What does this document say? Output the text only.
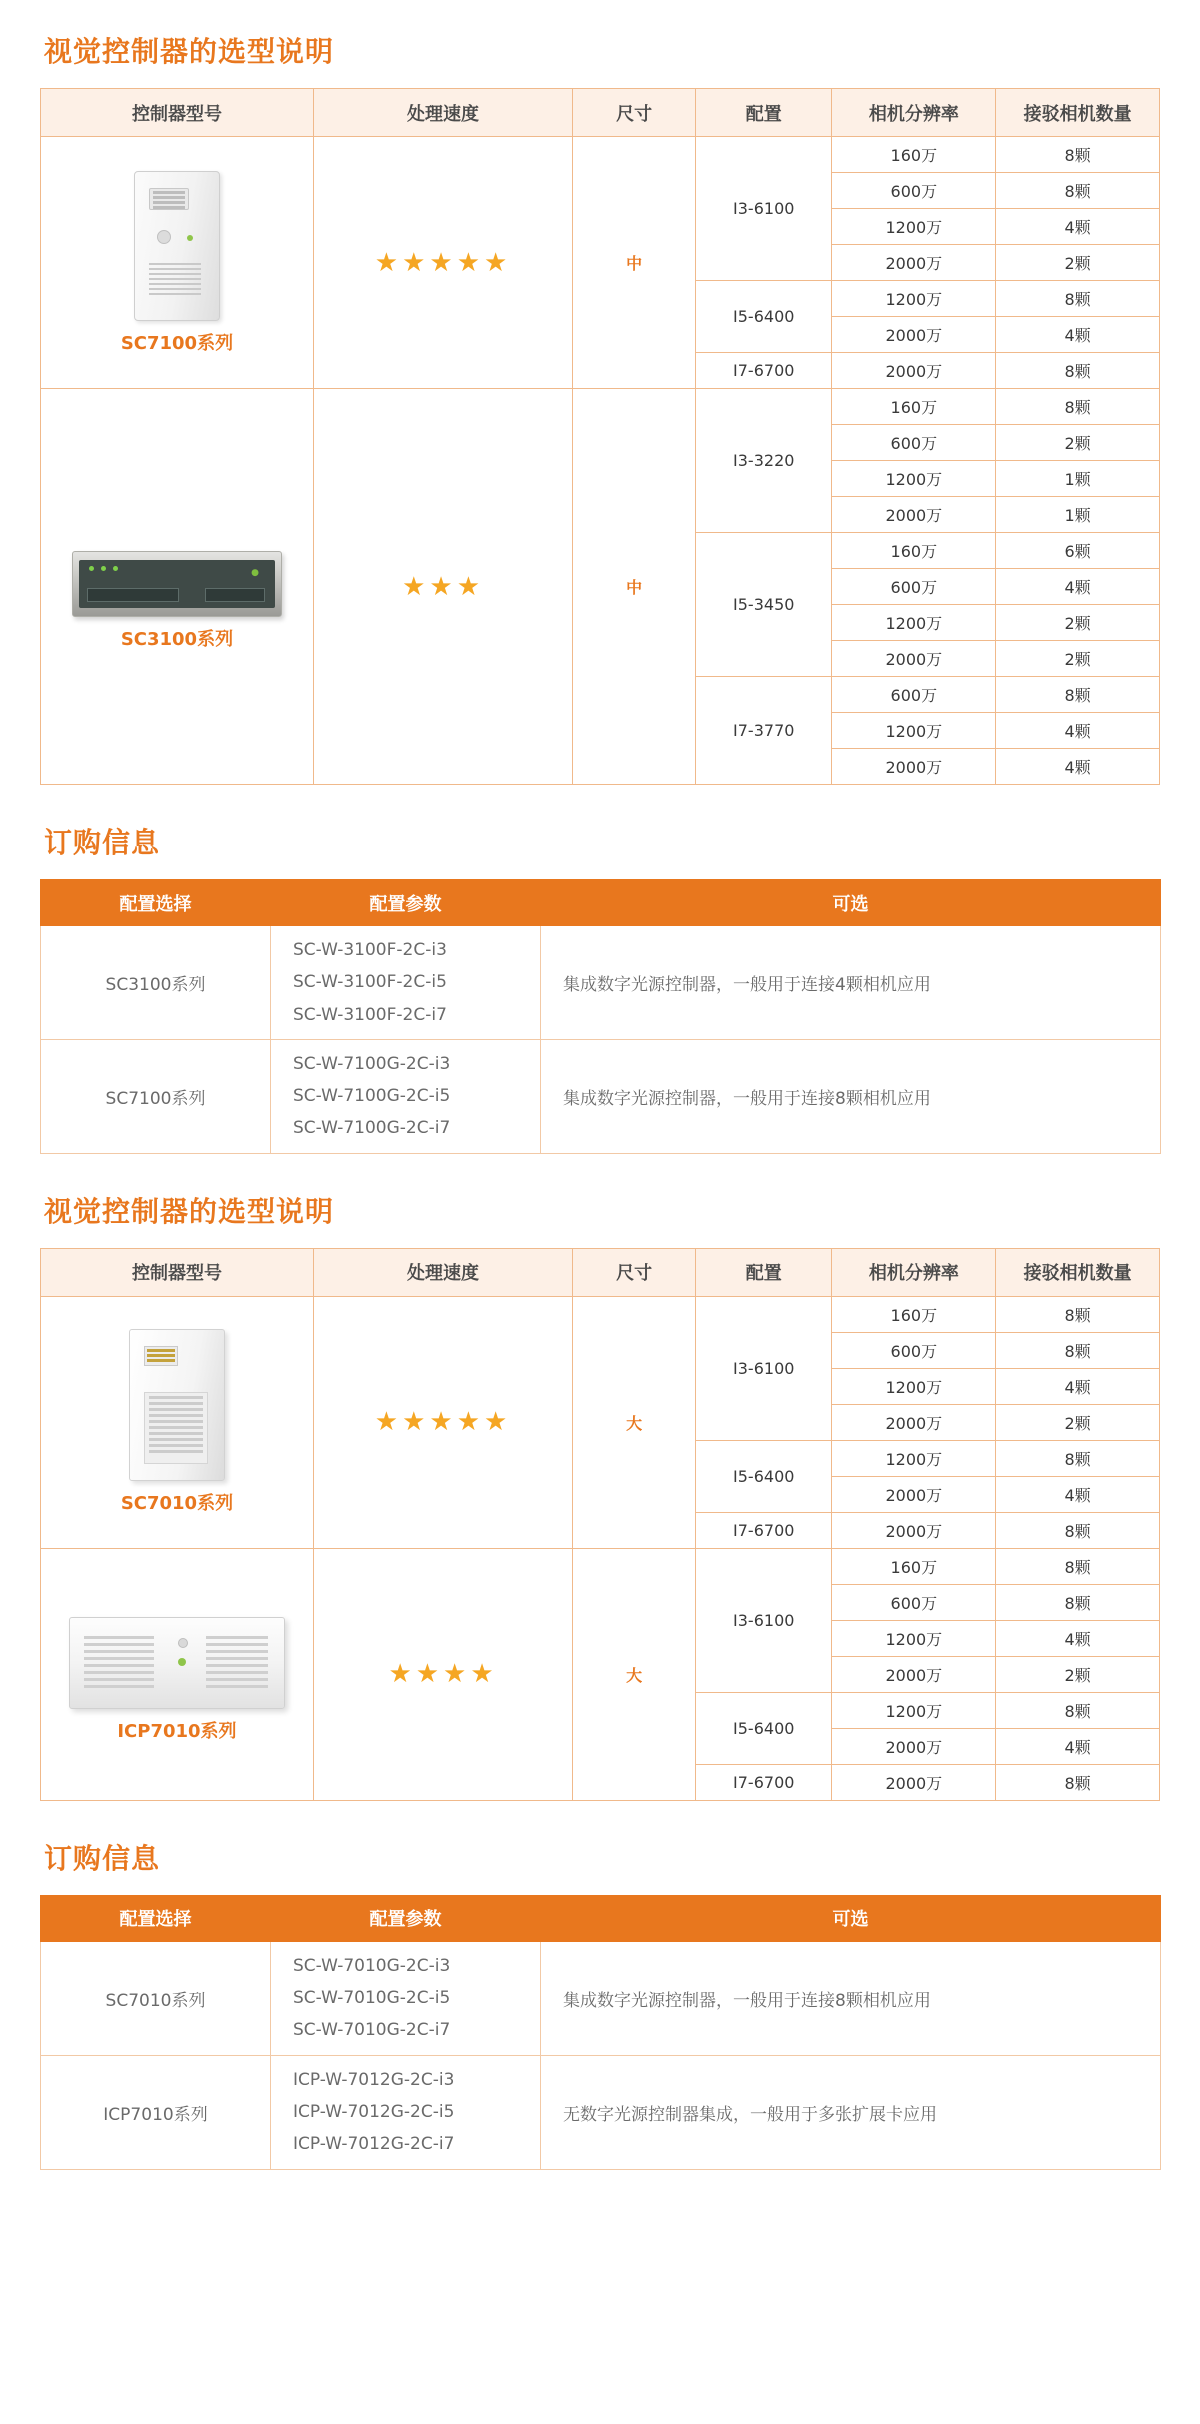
视觉控制器的选型说明
控制器型号	处理速度	尺寸	配置	相机分辨率	接驳相机数量

SC7100系列	★★★★★	中	I3-6100	160万	8颗
				600万	8颗
				1200万	4颗
				2000万	2颗
			I5-6400	1200万	8颗
				2000万	4颗
			I7-6700	2000万	8颗

●
SC3100系列	★★★	中	I3-3220	160万	8颗
				600万	2颗
				1200万	1颗
				2000万	1颗
			I5-3450	160万	6颗
				600万	4颗
				1200万	2颗
				2000万	2颗
			I7-3770	600万	8颗
				1200万	4颗
				2000万	4颗
订购信息
配置选择	配置参数	可选
SC3100系列	SC-W-3100F-2C-i3
SC-W-3100F-2C-i5
SC-W-3100F-2C-i7	集成数字光源控制器，一般用于连接4颗相机应用
SC7100系列	SC-W-7100G-2C-i3
SC-W-7100G-2C-i5
SC-W-7100G-2C-i7	集成数字光源控制器，一般用于连接8颗相机应用
视觉控制器的选型说明
控制器型号	处理速度	尺寸	配置	相机分辨率	接驳相机数量

SC7010系列	★★★★★	大	I3-6100	160万	8颗
				600万	8颗
				1200万	4颗
				2000万	2颗
			I5-6400	1200万	8颗
				2000万	4颗
			I7-6700	2000万	8颗

ICP7010系列	★★★★	大	I3-6100	160万	8颗
				600万	8颗
				1200万	4颗
				2000万	2颗
			I5-6400	1200万	8颗
				2000万	4颗
			I7-6700	2000万	8颗
订购信息
配置选择	配置参数	可选
SC7010系列	SC-W-7010G-2C-i3
SC-W-7010G-2C-i5
SC-W-7010G-2C-i7	集成数字光源控制器，一般用于连接8颗相机应用
ICP7010系列	ICP-W-7012G-2C-i3
ICP-W-7012G-2C-i5
ICP-W-7012G-2C-i7	无数字光源控制器集成，一般用于多张扩展卡应用
